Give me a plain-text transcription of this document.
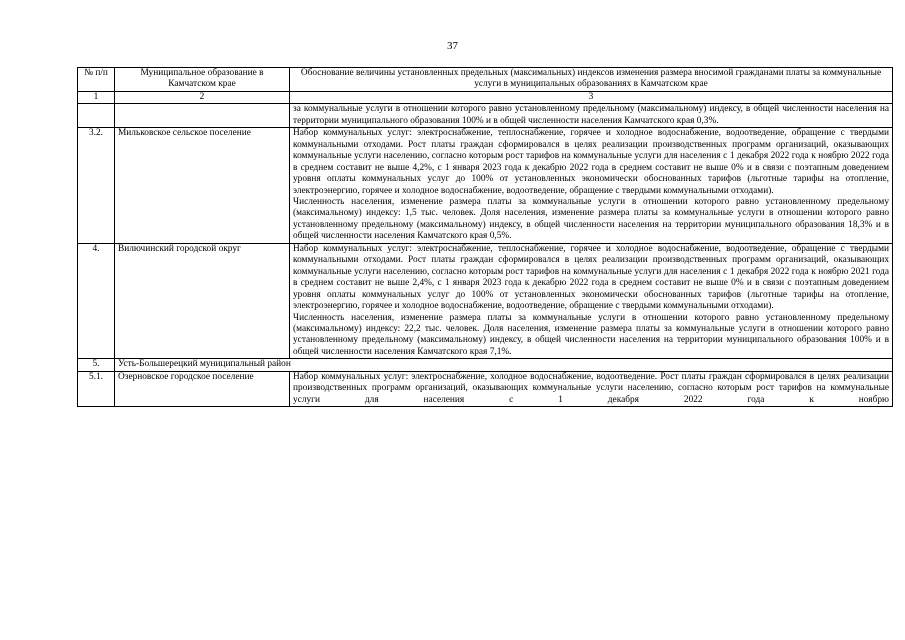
37
№ п/п	Муниципальное образование в Камчатском крае	Обоснование величины установленных предельных (максимальных) индексов изменения размера вносимой гражданами платы за коммунальные услуги в муниципальных образованиях в Камчатском крае
1	2	3

		за коммунальные услуги в отношении которого равно установленному предельному (максимальному) индексу, в общей численности населения на территории муниципального образования 100% и в общей численности населения Камчатского края 0,3%.

3.2.	Мильковское сельское поселение	Набор коммунальных услуг: электроснабжение, теплоснабжение, горячее и холодное водоснабжение, водоотведение, обращение с твердыми коммунальными отходами. Рост платы граждан сформировался в целях реализации производственных программ организаций, оказывающих коммунальные услуги населению, согласно которым рост тарифов на коммунальные услуги для населения с 1 декабря 2022 года к ноябрю 2022 года в среднем составит не выше 4,2%, с 1 января 2023 года к декабрю 2022 года в среднем составит не выше 0% и в связи с поэтапным доведением уровня оплаты коммунальных услуг до 100% от установленных экономически обоснованных тарифов (льготные тарифы на отопление, электроэнергию, горячее и холодное водоснабжение, водоотведение, обращение с твердыми коммунальными отходами).

Численность населения, изменение размера платы за коммунальные услуги в отношении которого равно установленному предельному (максимальному) индексу: 1,5 тыс. человек. Доля населения, изменение размера платы за коммунальные услуги в отношении которого равно установленному предельному (максимальному) индексу, в общей численности населения на территории муниципального образования 18,3% и в общей численности населения Камчатского края 0,5%.

4.	Вилючинский городской округ	Набор коммунальных услуг: электроснабжение, теплоснабжение, горячее и холодное водоснабжение, водоотведение, обращение с твердыми коммунальными отходами. Рост платы граждан сформировался в целях реализации производственных программ организаций, оказывающих коммунальные услуги населению, согласно которым рост тарифов на коммунальные услуги для населения с 1 декабря 2022 года к ноябрю 2021 года в среднем составит не выше 2,4%, с 1 января 2023 года к декабрю 2022 года в среднем составит не выше 0% и в связи с поэтапным доведением уровня оплаты коммунальных услуг до 100% от установленных экономически обоснованных тарифов (льготные тарифы на отопление, электроэнергию, горячее и холодное водоснабжение, водоотведение, обращение с твердыми коммунальными отходами).

Численность населения, изменение размера платы за коммунальные услуги в отношении которого равно установленному предельному (максимальному) индексу: 22,2 тыс. человек. Доля населения, изменение размера платы за коммунальные услуги в отношении которого равно установленному предельному (максимальному) индексу, в общей численности населения на территории муниципального образования 100% и в общей численности населения Камчатского края 7,1%.

5.	Усть-Большерецкий муниципальный район	
5.1.	Озерновское городское поселение	Набор коммунальных услуг: электроснабжение, холодное водоснабжение, водоотведение. Рост платы граждан сформировался в целях реализации производственных программ организаций, оказывающих коммунальные услуги населению, согласно которым рост тарифов на коммунальные услуги для населения с 1 декабря 2022 года к ноябрю
